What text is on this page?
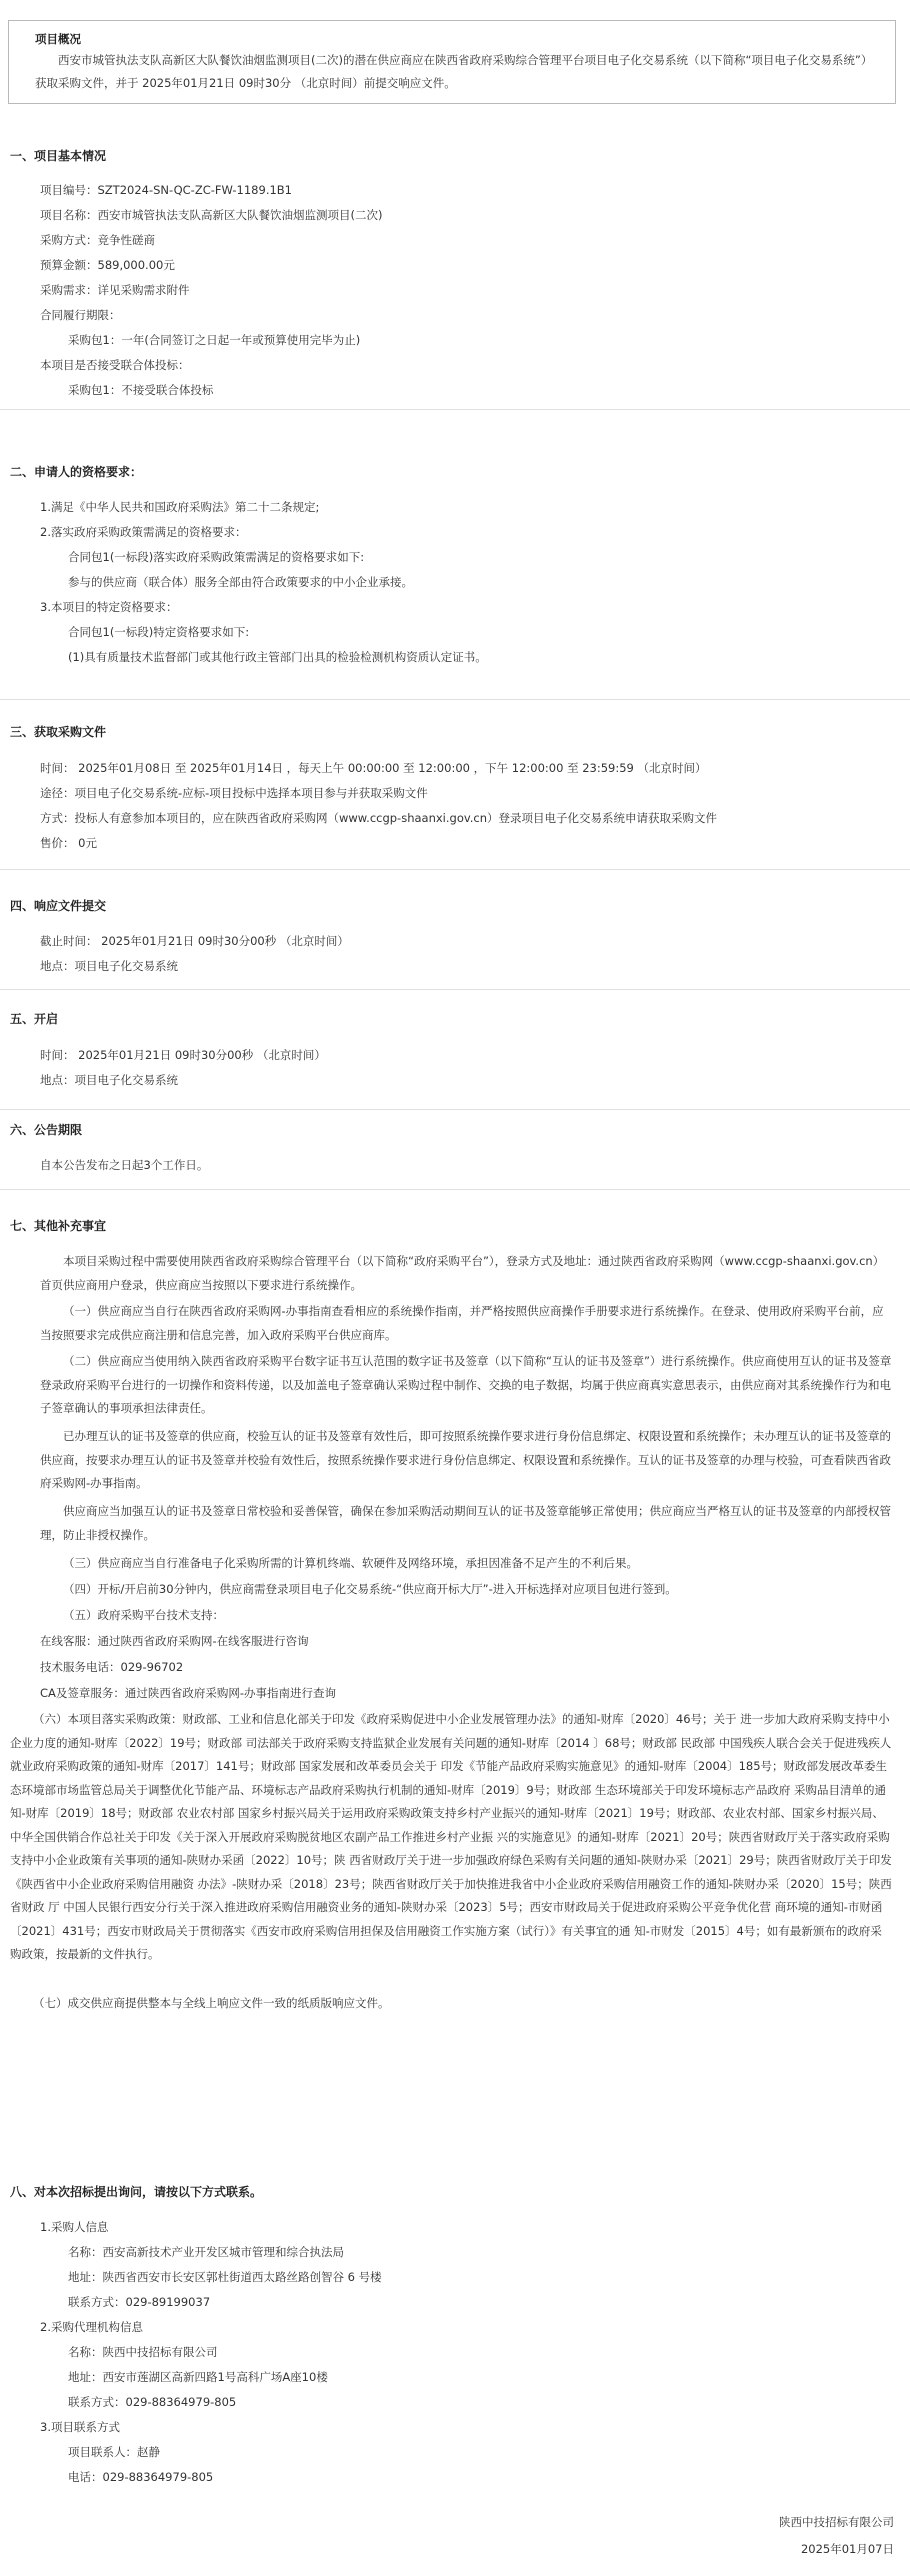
项目概况
西安市城管执法支队高新区大队餐饮油烟监测项目(二次)的潜在供应商应在陕西省政府采购综合管理平台项目电子化交易系统（以下简称“项目电子化交易系统”）获取采购文件，并于 2025年01月21日 09时30分 （北京时间）前提交响应文件。
一、项目基本情况
项目编号：SZT2024-SN-QC-ZC-FW-1189.1B1
项目名称：西安市城管执法支队高新区大队餐饮油烟监测项目(二次)
采购方式：竞争性磋商
预算金额：589,000.00元
采购需求：详见采购需求附件
合同履行期限：
采购包1：一年(合同签订之日起一年或预算使用完毕为止)
本项目是否接受联合体投标：
采购包1：不接受联合体投标
二、申请人的资格要求：
1.满足《中华人民共和国政府采购法》第二十二条规定;
2.落实政府采购政策需满足的资格要求：
合同包1(一标段)落实政府采购政策需满足的资格要求如下:
参与的供应商（联合体）服务全部由符合政策要求的中小企业承接。
3.本项目的特定资格要求：
合同包1(一标段)特定资格要求如下:
(1)具有质量技术监督部门或其他行政主管部门出具的检验检测机构资质认定证书。
三、获取采购文件
时间： 2025年01月08日 至 2025年01月14日 ，每天上午 00:00:00 至 12:00:00 ，下午 12:00:00 至 23:59:59 （北京时间）
途径：项目电子化交易系统-应标-项目投标中选择本项目参与并获取采购文件
方式：投标人有意参加本项目的，应在陕西省政府采购网（www.ccgp-shaanxi.gov.cn）登录项目电子化交易系统申请获取采购文件
售价： 0元
四、响应文件提交
截止时间： 2025年01月21日 09时30分00秒 （北京时间）
地点：项目电子化交易系统
五、开启
时间： 2025年01月21日 09时30分00秒 （北京时间）
地点：项目电子化交易系统
六、公告期限
自本公告发布之日起3个工作日。
七、其他补充事宜
本项目采购过程中需要使用陕西省政府采购综合管理平台（以下简称“政府采购平台”），登录方式及地址：通过陕西省政府采购网（www.ccgp-shaanxi.gov.cn）首页供应商用户登录，供应商应当按照以下要求进行系统操作。
（一）供应商应当自行在陕西省政府采购网-办事指南查看相应的系统操作指南，并严格按照供应商操作手册要求进行系统操作。在登录、使用政府采购平台前，应当按照要求完成供应商注册和信息完善，加入政府采购平台供应商库。
（二）供应商应当使用纳入陕西省政府采购平台数字证书互认范围的数字证书及签章（以下简称“互认的证书及签章”）进行系统操作。供应商使用互认的证书及签章登录政府采购平台进行的一切操作和资料传递，以及加盖电子签章确认采购过程中制作、交换的电子数据，均属于供应商真实意思表示，由供应商对其系统操作行为和电子签章确认的事项承担法律责任。
已办理互认的证书及签章的供应商，校验互认的证书及签章有效性后，即可按照系统操作要求进行身份信息绑定、权限设置和系统操作；未办理互认的证书及签章的供应商，按要求办理互认的证书及签章并校验有效性后，按照系统操作要求进行身份信息绑定、权限设置和系统操作。互认的证书及签章的办理与校验，可查看陕西省政府采购网-办事指南。
供应商应当加强互认的证书及签章日常校验和妥善保管，确保在参加采购活动期间互认的证书及签章能够正常使用；供应商应当严格互认的证书及签章的内部授权管理，防止非授权操作。
（三）供应商应当自行准备电子化采购所需的计算机终端、软硬件及网络环境，承担因准备不足产生的不利后果。
（四）开标/开启前30分钟内，供应商需登录项目电子化交易系统-“供应商开标大厅”-进入开标选择对应项目包进行签到。
（五）政府采购平台技术支持：
在线客服：通过陕西省政府采购网-在线客服进行咨询
技术服务电话：029-96702
CA及签章服务：通过陕西省政府采购网-办事指南进行查询
（六）本项目落实采购政策：财政部、工业和信息化部关于印发《政府采购促进中小企业发展管理办法》的通知-财库〔2020〕46号；关于 进一步加大政府采购支持中小企业力度的通知-财库〔2022〕19号；财政部 司法部关于政府采购支持监狱企业发展有关问题的通知-财库〔2014 〕68号；财政部 民政部 中国残疾人联合会关于促进残疾人就业政府采购政策的通知-财库〔2017〕141号；财政部 国家发展和改革委员会关于 印发《节能产品政府采购实施意见》的通知-财库〔2004〕185号；财政部发展改革委生态环境部市场监管总局关于调整优化节能产品、环境标志产品政府采购执行机制的通知-财库〔2019〕9号；财政部 生态环境部关于印发环境标志产品政府 采购品目清单的通知-财库〔2019〕18号；财政部 农业农村部 国家乡村振兴局关于运用政府采购政策支持乡村产业振兴的通知-财库〔2021〕19号；财政部、农业农村部、国家乡村振兴局、中华全国供销合作总社关于印发《关于深入开展政府采购脱贫地区农副产品工作推进乡村产业振 兴的实施意见》的通知-财库〔2021〕20号；陕西省财政厅关于落实政府采购支持中小企业政策有关事项的通知-陕财办采函〔2022〕10号；陕 西省财政厅关于进一步加强政府绿色采购有关问题的通知-陕财办采〔2021〕29号；陕西省财政厅关于印发《陕西省中小企业政府采购信用融资 办法》-陕财办采〔2018〕23号；陕西省财政厅关于加快推进我省中小企业政府采购信用融资工作的通知-陕财办采〔2020〕15号；陕西省财政 厅 中国人民银行西安分行关于深入推进政府采购信用融资业务的通知-陕财办采〔2023〕5号；西安市财政局关于促进政府采购公平竞争优化营 商环境的通知-市财函〔2021〕431号；西安市财政局关于贯彻落实《西安市政府采购信用担保及信用融资工作实施方案（试行）》有关事宜的通 知-市财发〔2015〕4号；如有最新颁布的政府采购政策，按最新的文件执行。
（七）成交供应商提供整本与全线上响应文件一致的纸质版响应文件。
八、对本次招标提出询问，请按以下方式联系。
1.采购人信息
名称：西安高新技术产业开发区城市管理和综合执法局
地址：陕西省西安市长安区郭杜街道西太路丝路创智谷 6 号楼
联系方式：029-89199037
2.采购代理机构信息
名称：陕西中技招标有限公司
地址：西安市莲湖区高新四路1号高科广场A座10楼
联系方式：029-88364979-805
3.项目联系方式
项目联系人：赵静
电话：029-88364979-805
陕西中技招标有限公司
2025年01月07日
